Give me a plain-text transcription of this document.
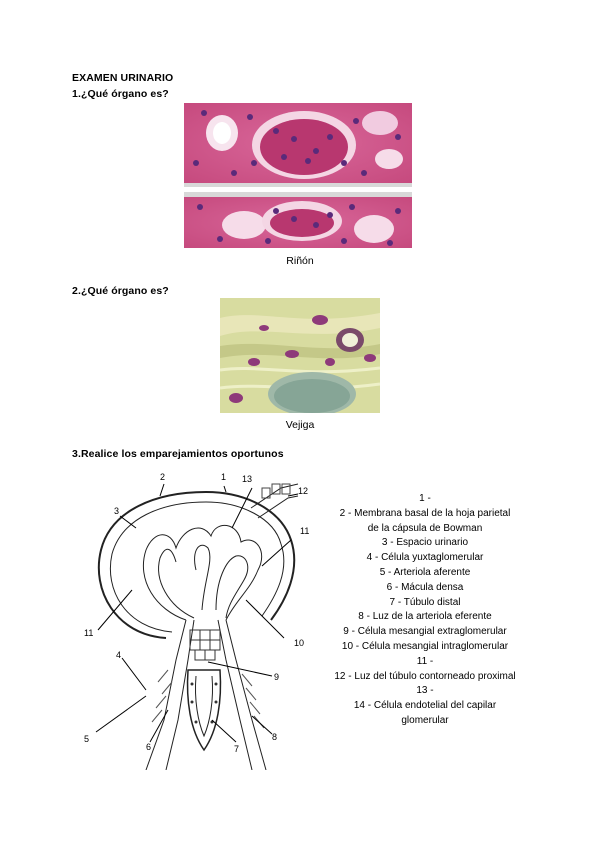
EXAMEN URINARIO
1.¿Qué órgano es?
Riñón
2.¿Qué órgano es?
Vejiga
3.Realice los emparejamientos oportunos
1
2
3
4
5
6	7
8
9
10
11
12
13
11
1 -
2 - Membrana basal de la hoja parietal
de la cápsula de Bowman
3 - Espacio urinario
4 - Célula yuxtaglomerular
5 - Arteriola aferente
6 - Mácula densa
7 - Túbulo distal
8 - Luz de la arteriola eferente
9 - Célula mesangial extraglomerular
10 - Célula mesangial intraglomerular
11 -
12 - Luz del túbulo contorneado proximal
13 -
14 - Célula endotelial del capilar
glomerular
